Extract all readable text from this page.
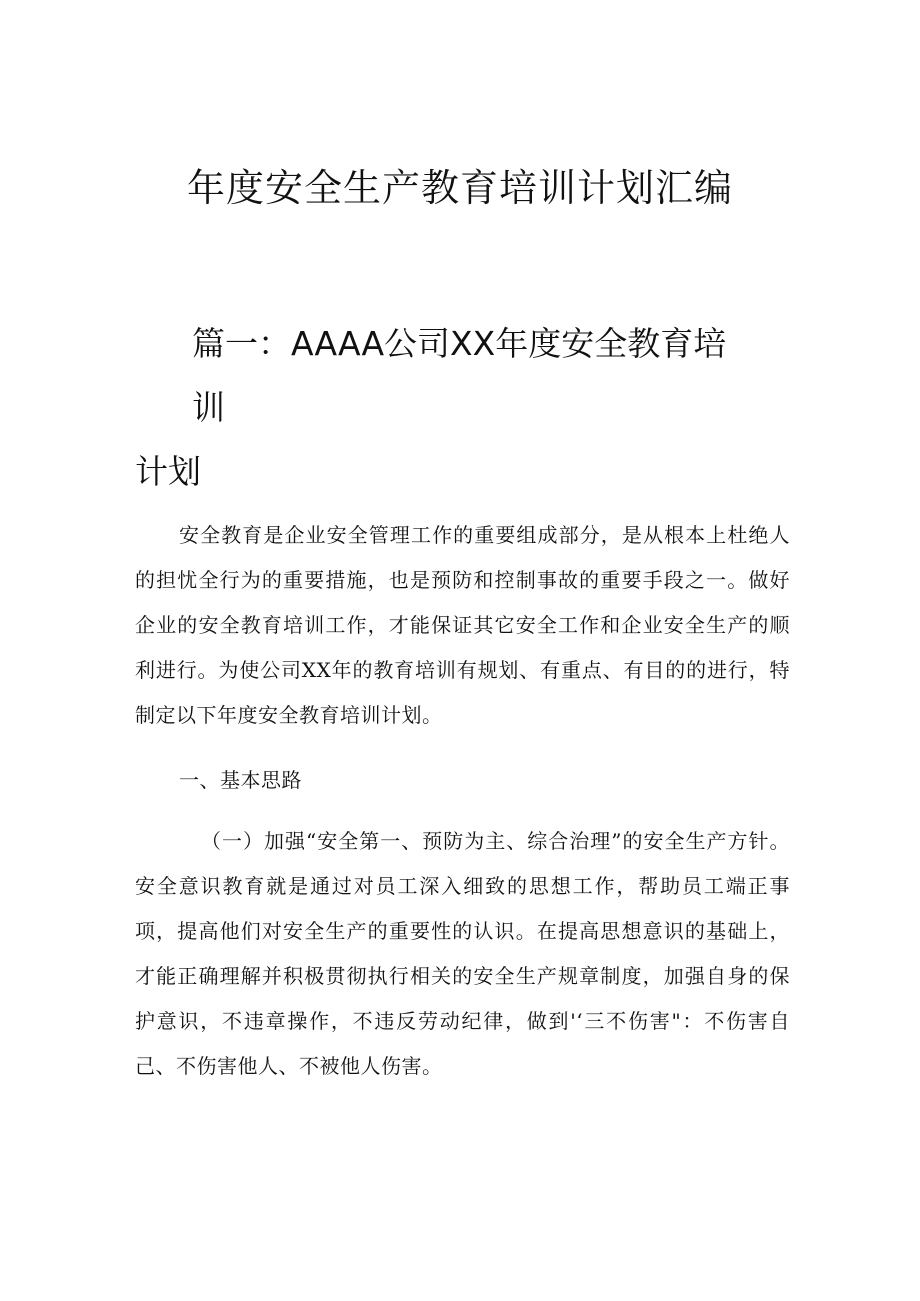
年度安全生产教育培训计划汇编
篇一：AAAA公司XX年度安全教育培训
计划

安全教育是企业安全管理工作的重要组成部分，是从根本上杜绝人的担忧全行为的重要措施，也是预防和控制事故的重要手段之一。做好企业的安全教育培训工作，才能保证其它安全工作和企业安全生产的顺利进行。为使公司XX年的教育培训有规划、有重点、有目的的进行，特制定以下年度安全教育培训计划。

一、基本思路

（一）加强“安全第一、预防为主、综合治理”的安全生产方针。安全意识教育就是通过对员工深入细致的思想工作，帮助员工端正事项，提高他们对安全生产的重要性的认识。在提高思想意识的基础上，才能正确理解并积极贯彻执行相关的安全生产规章制度，加强自身的保护意识，不违章操作，不违反劳动纪律，做到'‘三不伤害"：不伤害自己、不伤害他人、不被他人伤害。
